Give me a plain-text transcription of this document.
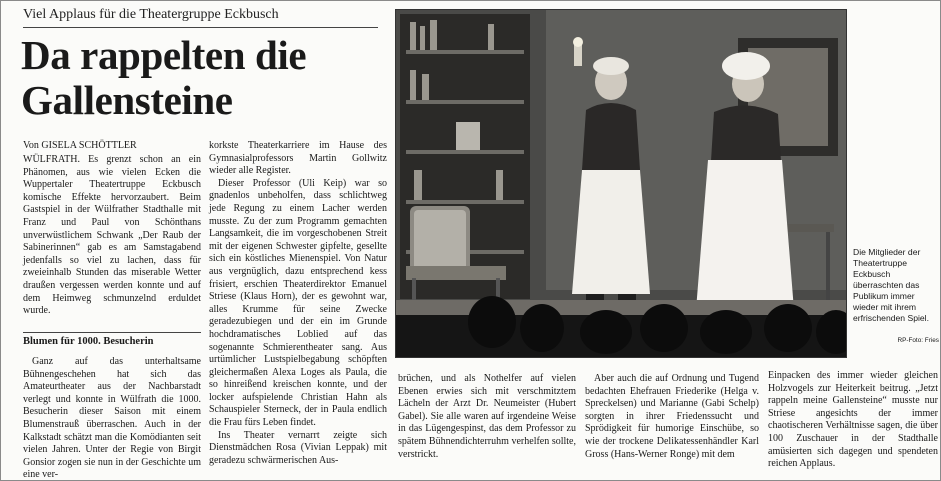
Viel Applaus für die Theatergruppe Eckbusch
Da rappelten die Gallensteine
Von GISELA SCHÖTTLER

WÜLFRATH. Es grenzt schon an ein Phänomen, aus wie vielen Ecken die Wuppertaler Theatertruppe Eckbusch komische Effekte hervorzaubert. Beim Gastspiel in der Wülfrather Stadthalle mit Franz und Paul von Schönthans unverwüstlichem Schwank „Der Raub der Sabinerinnen“ gab es am Samstagabend jedenfalls so viel zu lachen, dass für zweieinhalb Stunden das miserable Wetter draußen vergessen werden konnte und auf dem Heimweg schmunzelnd erduldet wurde.

Blumen für 1000. Besucherin

Ganz auf das unterhaltsame Bühnengeschehen hat sich das Amateurtheater aus der Nachbarstadt verlegt und konnte in Wülfrath die 1000. Besucherin dieser Saison mit einem Blumenstrauß überraschen. Auch in der Kalkstadt schätzt man die Komödianten seit vielen Jahren. Unter der Regie von Birgit Gonsior zogen sie nun in der Geschichte um eine ver-

korkste Theaterkarriere im Hause des Gymnasialprofessors Martin Gollwitz wieder alle Register.

Dieser Professor (Uli Keip) war so gnadenlos unbeholfen, dass schlichtweg jede Regung zu einem Lacher werden musste. Zu der zum Programm gemachten Langsamkeit, die im vorgeschobenen Streit mit der eigenen Schwester gipfelte, gesellte sich ein köstliches Mienenspiel. Von Natur aus vergnüglich, dazu entsprechend kess frisiert, erschien Theaterdirektor Emanuel Striese (Klaus Horn), der es gewohnt war, alles Krumme für seine Zwecke geradezubiegen und der ein im Grunde hochdramatisches Loblied auf das sogenannte Schmierentheater sang. Aus urtümlicher Lustspielbegabung schöpften gleichermaßen Alexa Loges als Paula, die so hinreißend kreischen konnte, und der locker aufspielende Christian Hahn als Schauspieler Sterneck, der in Paula endlich die Frau fürs Leben findet.

Ins Theater vernarrt zeigte sich Dienstmädchen Rosa (Vivian Leppak) mit geradezu schwärmerischen Aus-

brüchen, und als Nothelfer auf vielen Ebenen erwies sich mit verschmitztem Lächeln der Arzt Dr. Neumeister (Hubert Gabel). Sie alle waren auf irgendeine Weise in das Lügengespinst, das dem Professor zu spätem Bühnendichterruhm verhelfen sollte, verstrickt.

Aber auch die auf Ordnung und Tugend bedachten Ehefrauen Friederike (Helga v. Spreckelsen) und Marianne (Gabi Schelp) sorgten in ihrer Friedenssucht und Sprödigkeit für humorige Einschübe, so wie der trockene Delikatessenhändler Karl Gross (Hans-Werner Ronge) mit dem

Einpacken des immer wieder gleichen Holzvogels zur Heiterkeit beitrug. „Jetzt rappeln meine Gallensteine“ musste nur Striese angesichts der immer chaotischeren Verhältnisse sagen, die über 100 Zuschauer in der Stadthalle amüsierten sich dagegen und spendeten reichen Applaus.

Die Mitglieder der Theatertruppe Eckbusch überraschten das Publikum immer wieder mit ihrem erfrischenden Spiel.
RP-Foto: Fries
